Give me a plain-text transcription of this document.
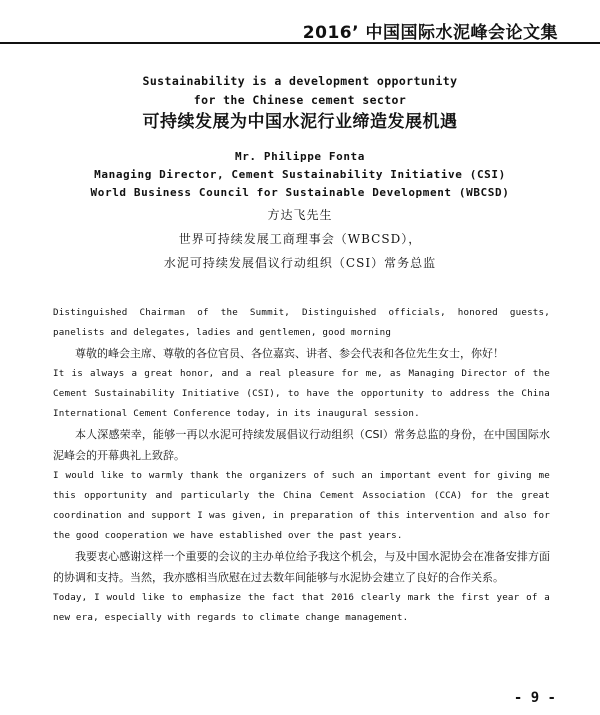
2016’ 中国国际水泥峰会论文集
Sustainability is a development opportunity
for the Chinese cement sector
可持续发展为中国水泥行业缔造发展机遇
Mr. Philippe Fonta
Managing Director, Cement Sustainability Initiative (CSI)
World Business Council for Sustainable Development (WBCSD)
方达飞先生
世界可持续发展工商理事会（WBCSD），
水泥可持续发展倡议行动组织（CSI）常务总监

Distinguished Chairman of the Summit, Distinguished officials, honored guests, panelists and delegates, ladies and gentlemen, good morning

尊敬的峰会主席、尊敬的各位官员、各位嘉宾、讲者、参会代表和各位先生女士，你好！

It is always a great honor, and a real pleasure for me, as Managing Director of the Cement Sustainability Initiative (CSI), to have the opportunity to address the China International Cement Conference today, in its inaugural session.

本人深感荣幸，能够一再以水泥可持续发展倡议行动组织（CSI）常务总监的身份，在中国国际水泥峰会的开幕典礼上致辞。

I would like to warmly thank the organizers of such an important event for giving me this opportunity and particularly the China Cement Association (CCA) for the great coordination and support I was given, in preparation of this intervention and also for the good cooperation we have established over the past years.

我要衷心感谢这样一个重要的会议的主办单位给予我这个机会，与及中国水泥协会在准备安排方面的协调和支持。当然，我亦感相当欣慰在过去数年间能够与水泥协会建立了良好的合作关系。

Today, I would like to emphasize the fact that 2016 clearly mark the first year of a new era, especially with regards to climate change management.

- 9 -
